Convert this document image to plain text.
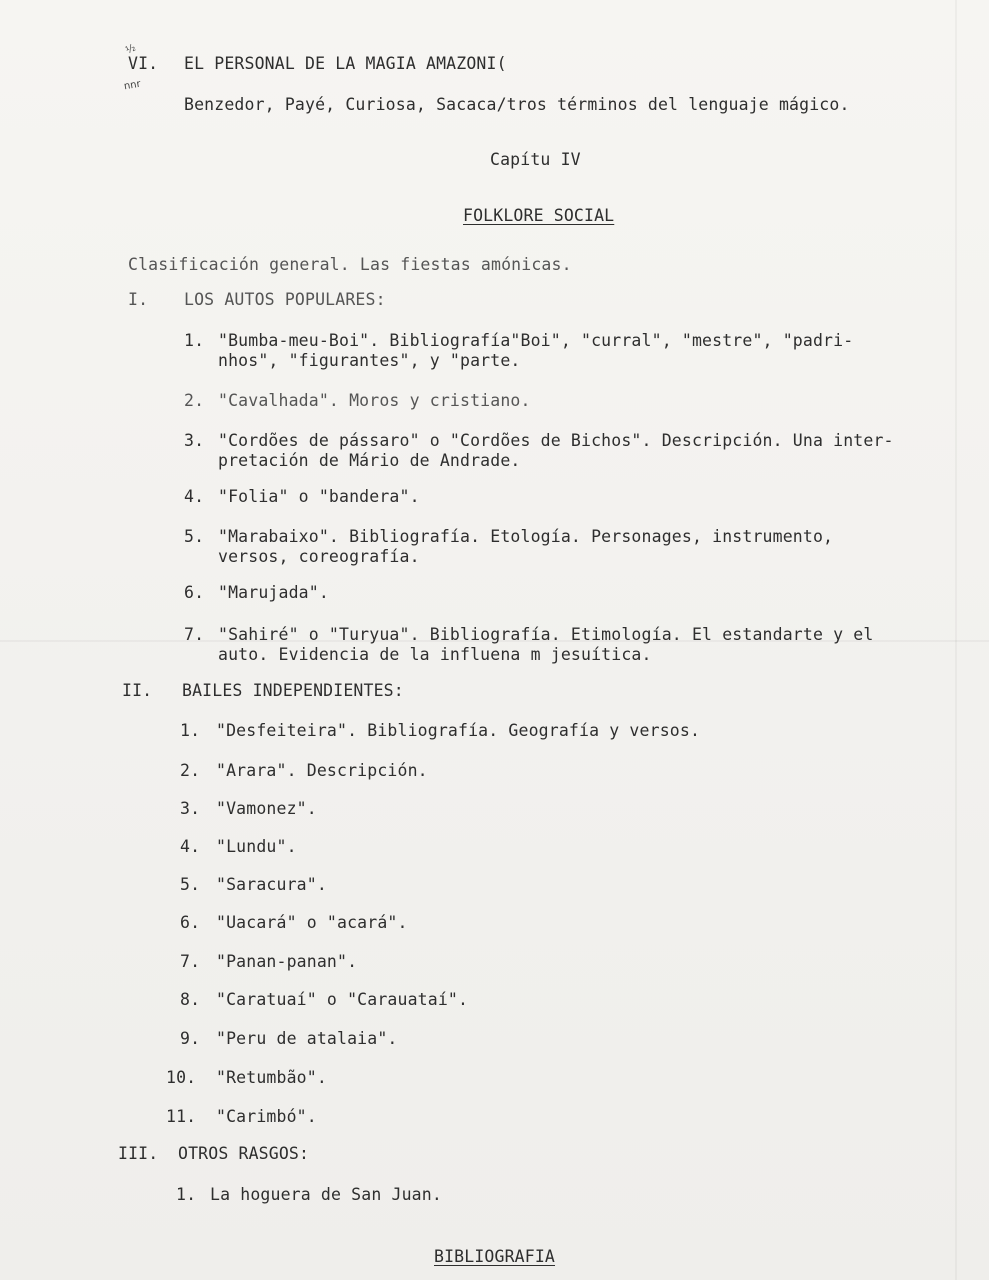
½
nnr
VI. EL PERSONAL DE LA MAGIA AMAZONI(
Benzedor, Payé, Curiosa, Sacaca/tros términos del lenguaje mágico.
Capítu IV
FOLKLORE SOCIAL
Clasificación general. Las fiestas amónicas.
I. LOS AUTOS POPULARES:
1. "Bumba-meu-Boi". Bibliografía"Boi", "curral", "mestre", "padri-
nhos", "figurantes", y "parte.
2. "Cavalhada". Moros y cristiano.
3. "Cordões de pássaro" o "Cordões de Bichos". Descripción. Una inter-
pretación de Mário de Andrade.
4. "Folia" o "bandera".
5. "Marabaixo". Bibliografía. Etología. Personages, instrumento,
versos, coreografía.
6. "Marujada".
7. "Sahiré" o "Turyua". Bibliografía. Etimología. El estandarte y el
auto. Evidencia de la influena m jesuítica.
II. BAILES INDEPENDIENTES:
1. "Desfeiteira". Bibliografía. Geografía y versos.
2. "Arara". Descripción.
3. "Vamonez".
4. "Lundu".
5. "Saracura".
6. "Uacará" o "acará".
7. "Panan-panan".
8. "Caratuaí" o "Carauataí".
9. "Peru de atalaia".
10. "Retumbão".
11. "Carimbó".
III. OTROS RASGOS:
1. La hoguera de San Juan.
BIBLIOGRAFIA
